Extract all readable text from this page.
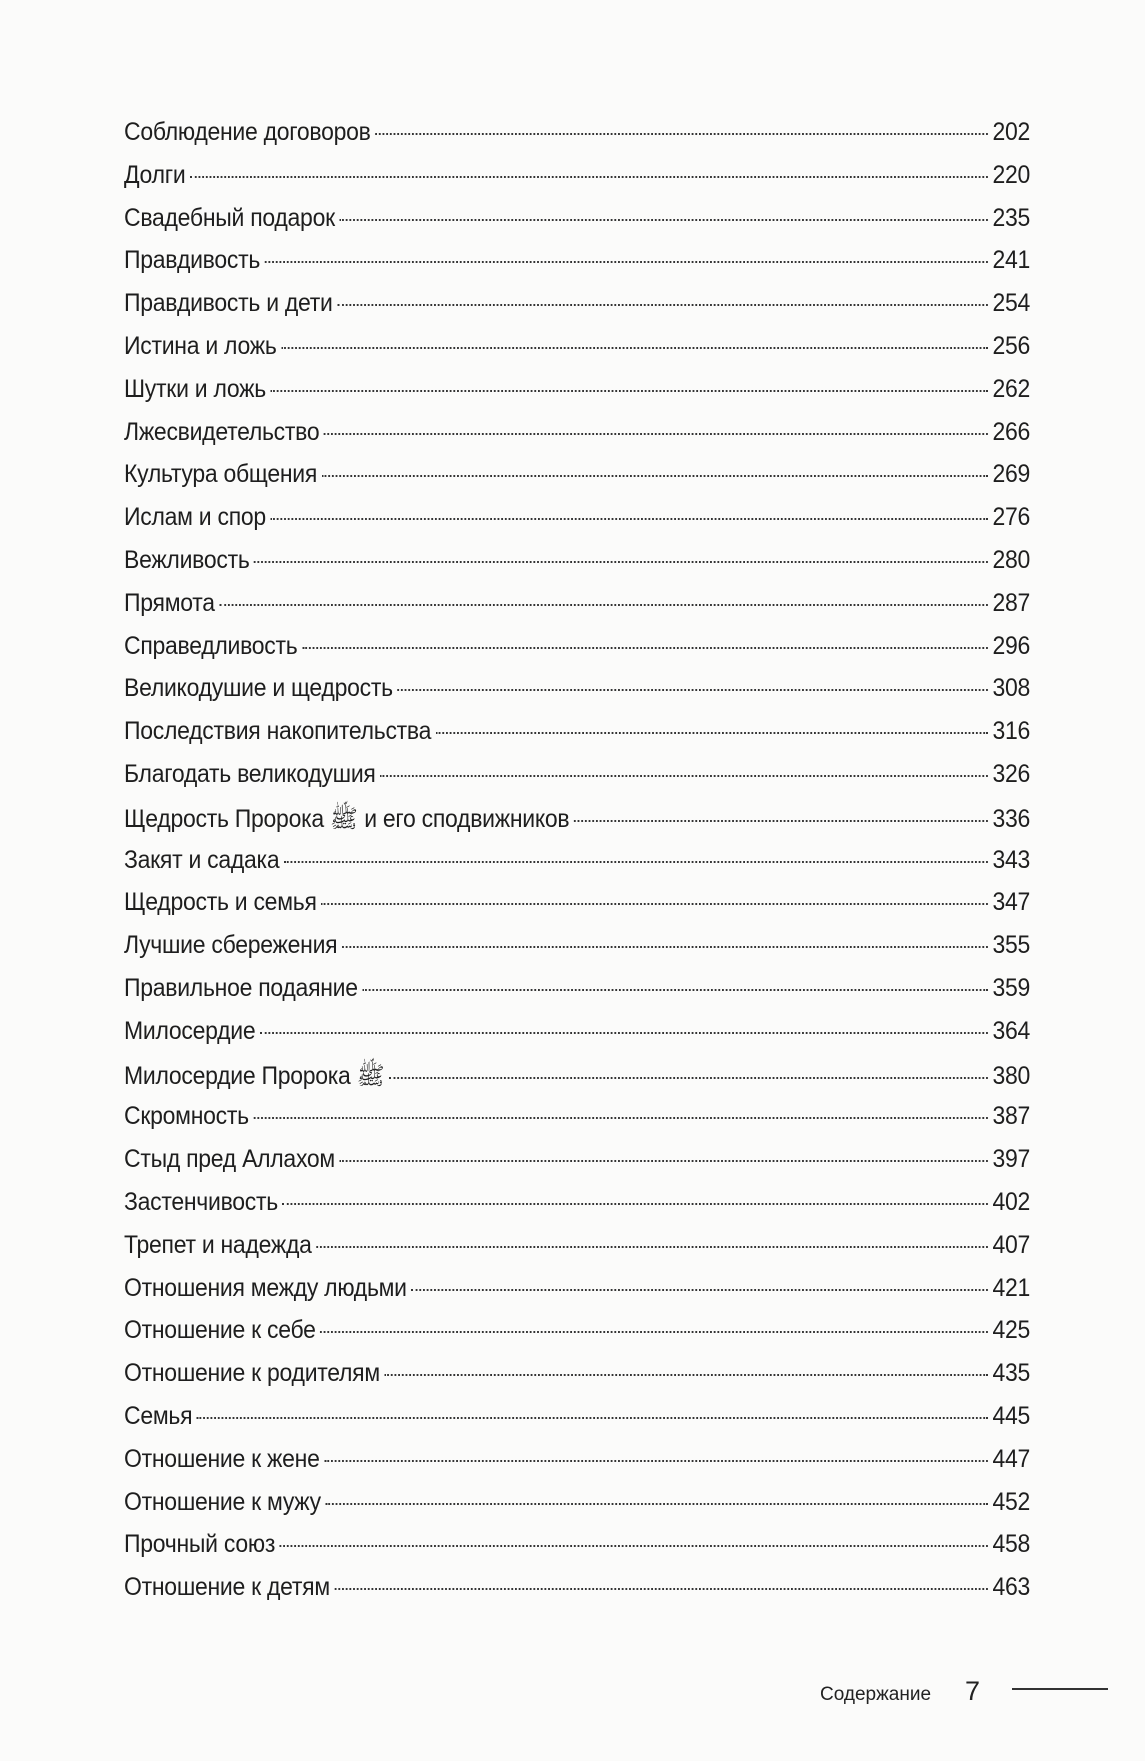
Соблюдение договоров	202
Долги	220
Свадебный подарок	235
Правдивость	241
Правдивость и дети	254
Истина и ложь	256
Шутки и ложь	262
Лжесвидетельство	266
Культура общения	269
Ислам и спор	276
Вежливость	280
Прямота	287
Справедливость	296
Великодушие и щедрость	308
Последствия накопительства	316
Благодать великодушия	326
Щедрость Пророка ﷺ и его сподвижников	336
Закят и садака	343
Щедрость и семья	347
Лучшие сбережения	355
Правильное подаяние	359
Милосердие	364
Милосердие Пророка ﷺ	380
Скромность	387
Стыд пред Аллахом	397
Застенчивость	402
Трепет и надежда	407
Отношения между людьми	421
Отношение к себе	425
Отношение к родителям	435
Семья	445
Отношение к жене	447
Отношение к мужу	452
Прочный союз	458
Отношение к детям	463
Содержание 7
